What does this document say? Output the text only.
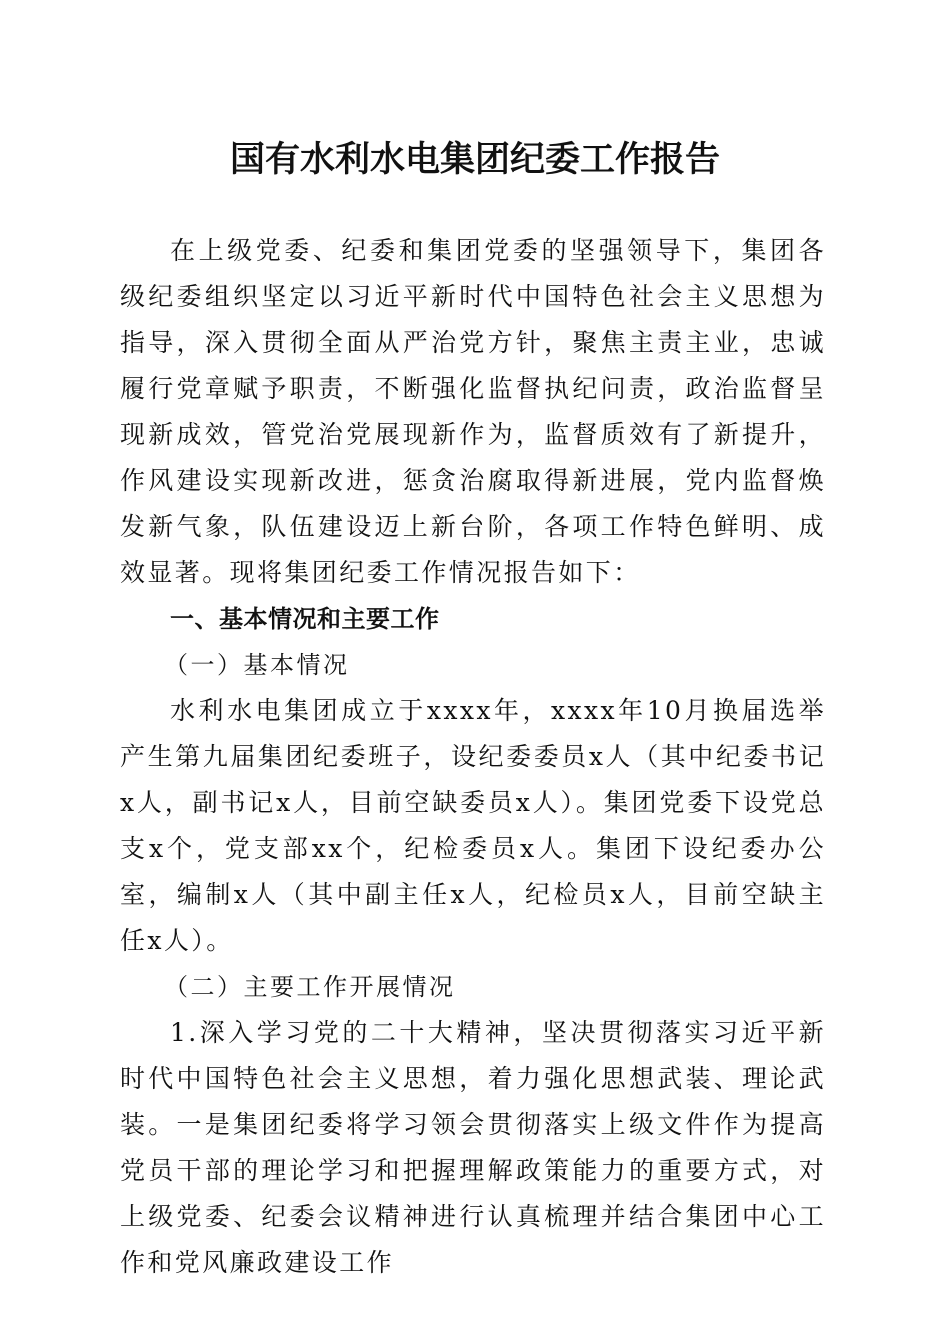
国有水利水电集团纪委工作报告

在上级党委、纪委和集团党委的坚强领导下，集团各级纪委组织坚定以习近平新时代中国特色社会主义思想为指导，深入贯彻全面从严治党方针，聚焦主责主业，忠诚履行党章赋予职责，不断强化监督执纪问责，政治监督呈现新成效，管党治党展现新作为，监督质效有了新提升，作风建设实现新改进，惩贪治腐取得新进展，党内监督焕发新气象，队伍建设迈上新台阶，各项工作特色鲜明、成效显著。现将集团纪委工作情况报告如下：

一、基本情况和主要工作

（一）基本情况

水利水电集团成立于xxxx年，xxxx年10月换届选举产生第九届集团纪委班子，设纪委委员x人（其中纪委书记x人，副书记x人，目前空缺委员x人）。集团党委下设党总支x个，党支部xx个，纪检委员x人。集团下设纪委办公室，编制x人（其中副主任x人，纪检员x人，目前空缺主任x人）。

（二）主要工作开展情况

1.深入学习党的二十大精神，坚决贯彻落实习近平新时代中国特色社会主义思想，着力强化思想武装、理论武装。一是集团纪委将学习领会贯彻落实上级文件作为提高党员干部的理论学习和把握理解政策能力的重要方式，对上级党委、纪委会议精神进行认真梳理并结合集团中心工作和党风廉政建设工作
